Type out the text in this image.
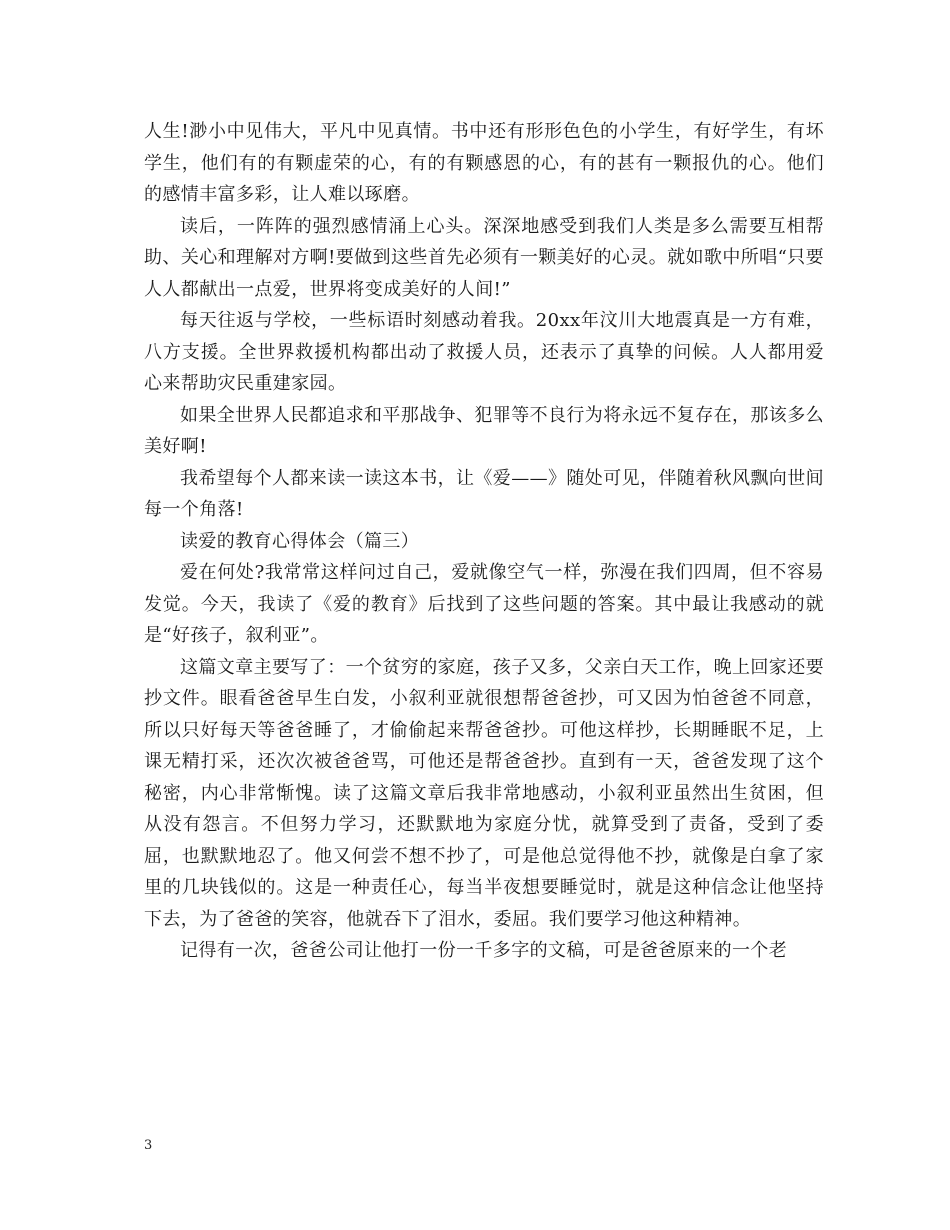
人生!渺小中见伟大，平凡中见真情。书中还有形形色色的小学生，有好学生，有坏学生，他们有的有颗虚荣的心，有的有颗感恩的心，有的甚有一颗报仇的心。他们的感情丰富多彩，让人难以琢磨。

读后，一阵阵的强烈感情涌上心头。深深地感受到我们人类是多么需要互相帮助、关心和理解对方啊!要做到这些首先必须有一颗美好的心灵。就如歌中所唱“只要人人都献出一点爱，世界将变成美好的人间!”

每天往返与学校，一些标语时刻感动着我。20xx年汶川大地震真是一方有难，八方支援。全世界救援机构都出动了救援人员，还表示了真挚的问候。人人都用爱心来帮助灾民重建家园。

如果全世界人民都追求和平那战争、犯罪等不良行为将永远不复存在，那该多么美好啊!

我希望每个人都来读一读这本书，让《爱——》随处可见，伴随着秋风飘向世间每一个角落!

读爱的教育心得体会（篇三）

爱在何处?我常常这样问过自己，爱就像空气一样，弥漫在我们四周，但不容易发觉。今天，我读了《爱的教育》后找到了这些问题的答案。其中最让我感动的就是“好孩子，叙利亚”。

这篇文章主要写了：一个贫穷的家庭，孩子又多，父亲白天工作，晚上回家还要抄文件。眼看爸爸早生白发，小叙利亚就很想帮爸爸抄，可又因为怕爸爸不同意，所以只好每天等爸爸睡了，才偷偷起来帮爸爸抄。可他这样抄，长期睡眠不足，上课无精打采，还次次被爸爸骂，可他还是帮爸爸抄。直到有一天，爸爸发现了这个秘密，内心非常惭愧。读了这篇文章后我非常地感动，小叙利亚虽然出生贫困，但从没有怨言。不但努力学习，还默默地为家庭分忧，就算受到了责备，受到了委屈，也默默地忍了。他又何尝不想不抄了，可是他总觉得他不抄，就像是白拿了家里的几块钱似的。这是一种责任心，每当半夜想要睡觉时，就是这种信念让他坚持下去，为了爸爸的笑容，他就吞下了泪水，委屈。我们要学习他这种精神。

记得有一次，爸爸公司让他打一份一千多字的文稿，可是爸爸原来的一个老

3
